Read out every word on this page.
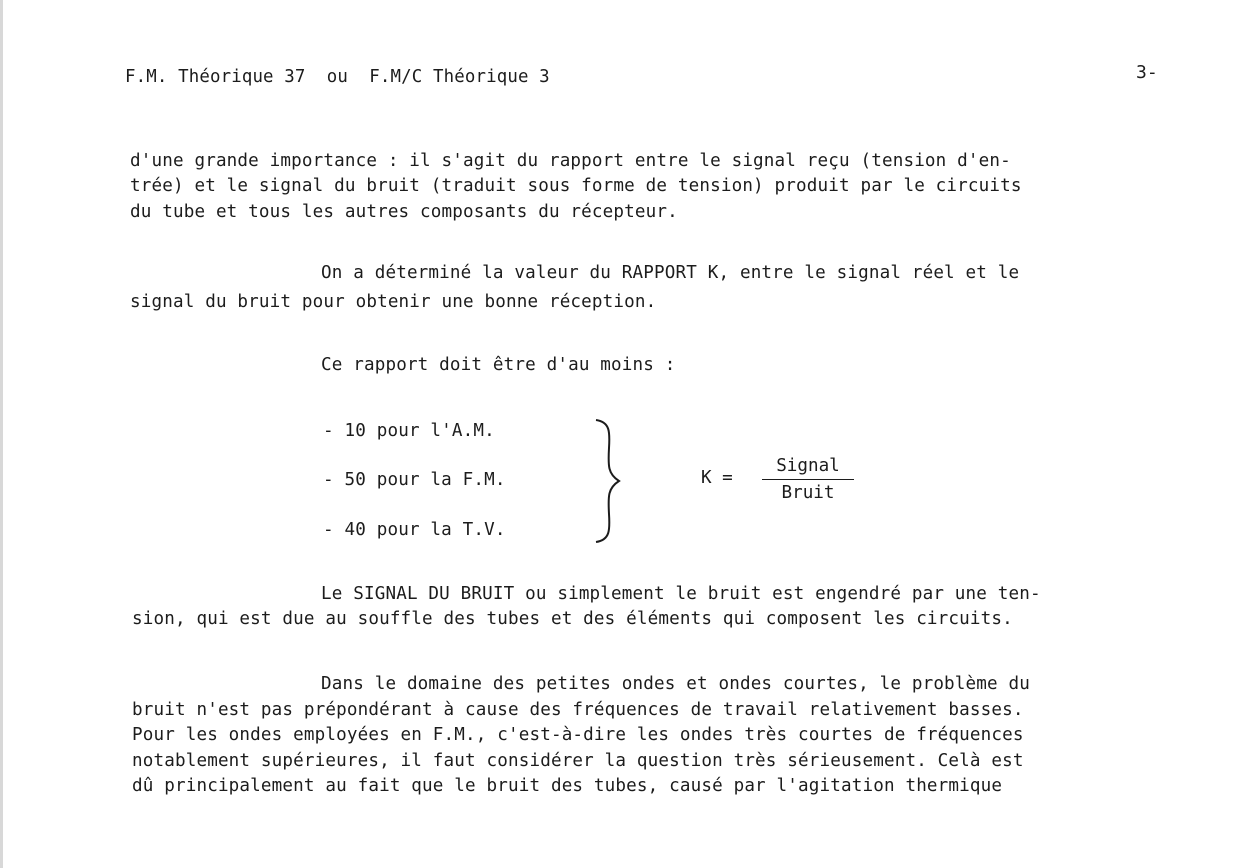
F.M. Théorique 37  ou  F.M/C Théorique 3	3-
d'une grande importance : il s'agit du rapport entre le signal reçu (tension d'en-
trée) et le signal du bruit (traduit sous forme de tension) produit par le circuits
du tube et tous les autres composants du récepteur.
On a déterminé la valeur du RAPPORT K, entre le signal réel et le
signal du bruit pour obtenir une bonne réception.
Ce rapport doit être d'au moins :
- 10 pour l'A.M.
- 50 pour la F.M.
- 40 pour la T.V.
K =
Signal
Bruit
Le SIGNAL DU BRUIT ou simplement le bruit est engendré par une ten-
sion, qui est due au souffle des tubes et des éléments qui composent les circuits.
Dans le domaine des petites ondes et ondes courtes, le problème du
bruit n'est pas prépondérant à cause des fréquences de travail relativement basses.
Pour les ondes employées en F.M., c'est-à-dire les ondes très courtes de fréquences
notablement supérieures, il faut considérer la question très sérieusement. Celà est
dû principalement au fait que le bruit des tubes, causé par l'agitation thermique
